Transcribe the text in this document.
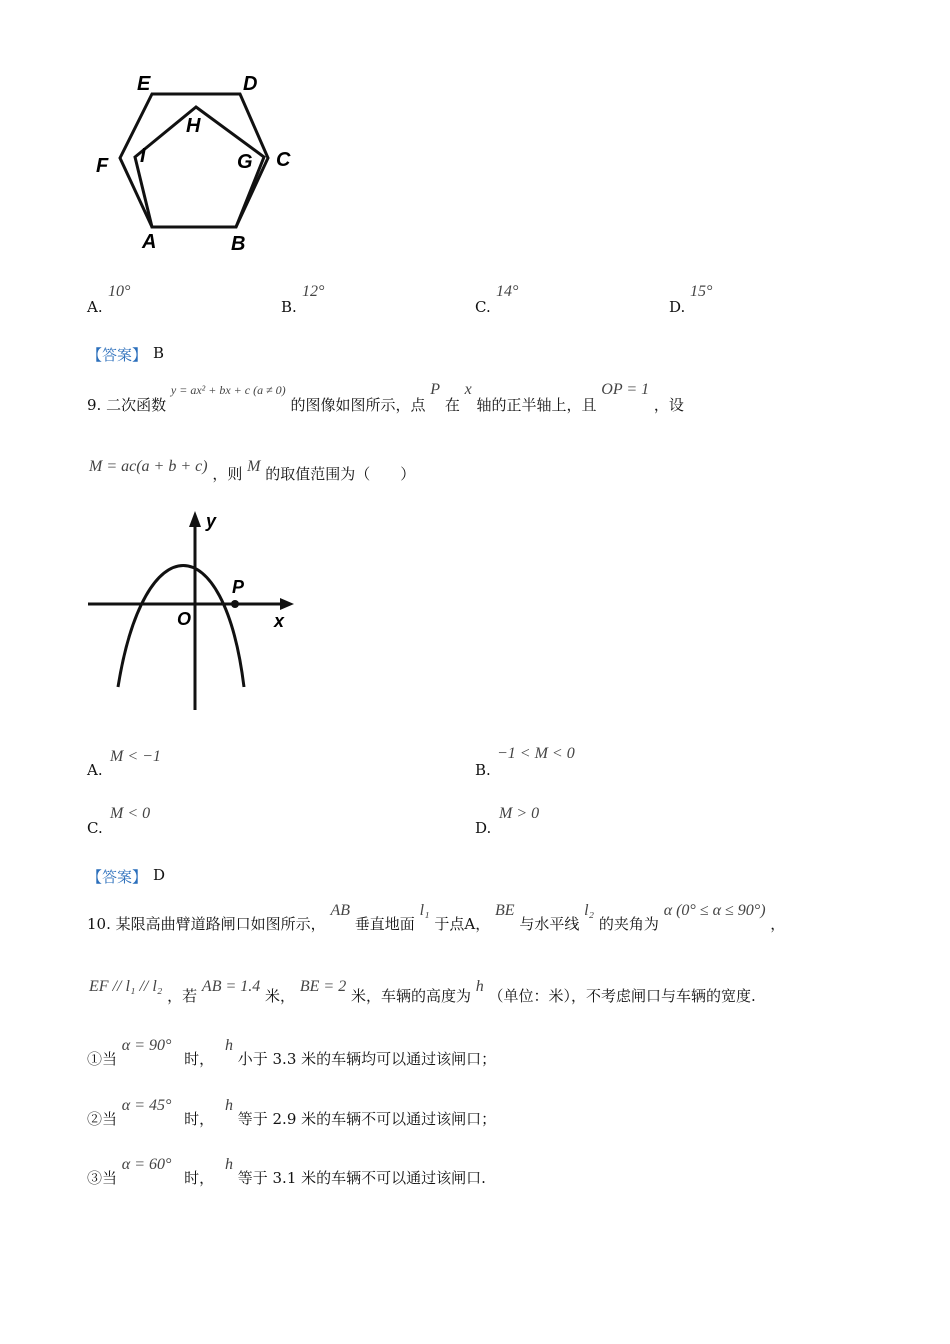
E	D
H
F I	G C
A	B
A.
10°
B.
12°
C.
14°
D.
15°
【答案】 B
9. 二次函数 y = ax² + bx + c (a ≠ 0) 的图像如图所示，点 P 在 x 轴的正半轴上，且 OP = 1 ，设
M = ac(a + b + c) ，则 M 的取值范围为（　　）
y
P
O	x
A.
M < −1
B.
−1 < M < 0
C.
M < 0
D.
M > 0
【答案】 D
10. 某限高曲臂道路闸口如图所示， AB 垂直地面 l₁ 于点A， BE 与水平线 l₂ 的夹角为 α (0° ≤ α ≤ 90°) ，
EF // l₁ // l₂ ，若 AB = 1.4 米， BE = 2 米，车辆的高度为 h （单位：米），不考虑闸口与车辆的宽度.
①当 α = 90° 时， h 小于 3.3 米的车辆均可以通过该闸口；
②当 α = 45° 时， h 等于 2.9 米的车辆不可以通过该闸口；
③当 α = 60° 时， h 等于 3.1 米的车辆不可以通过该闸口.
